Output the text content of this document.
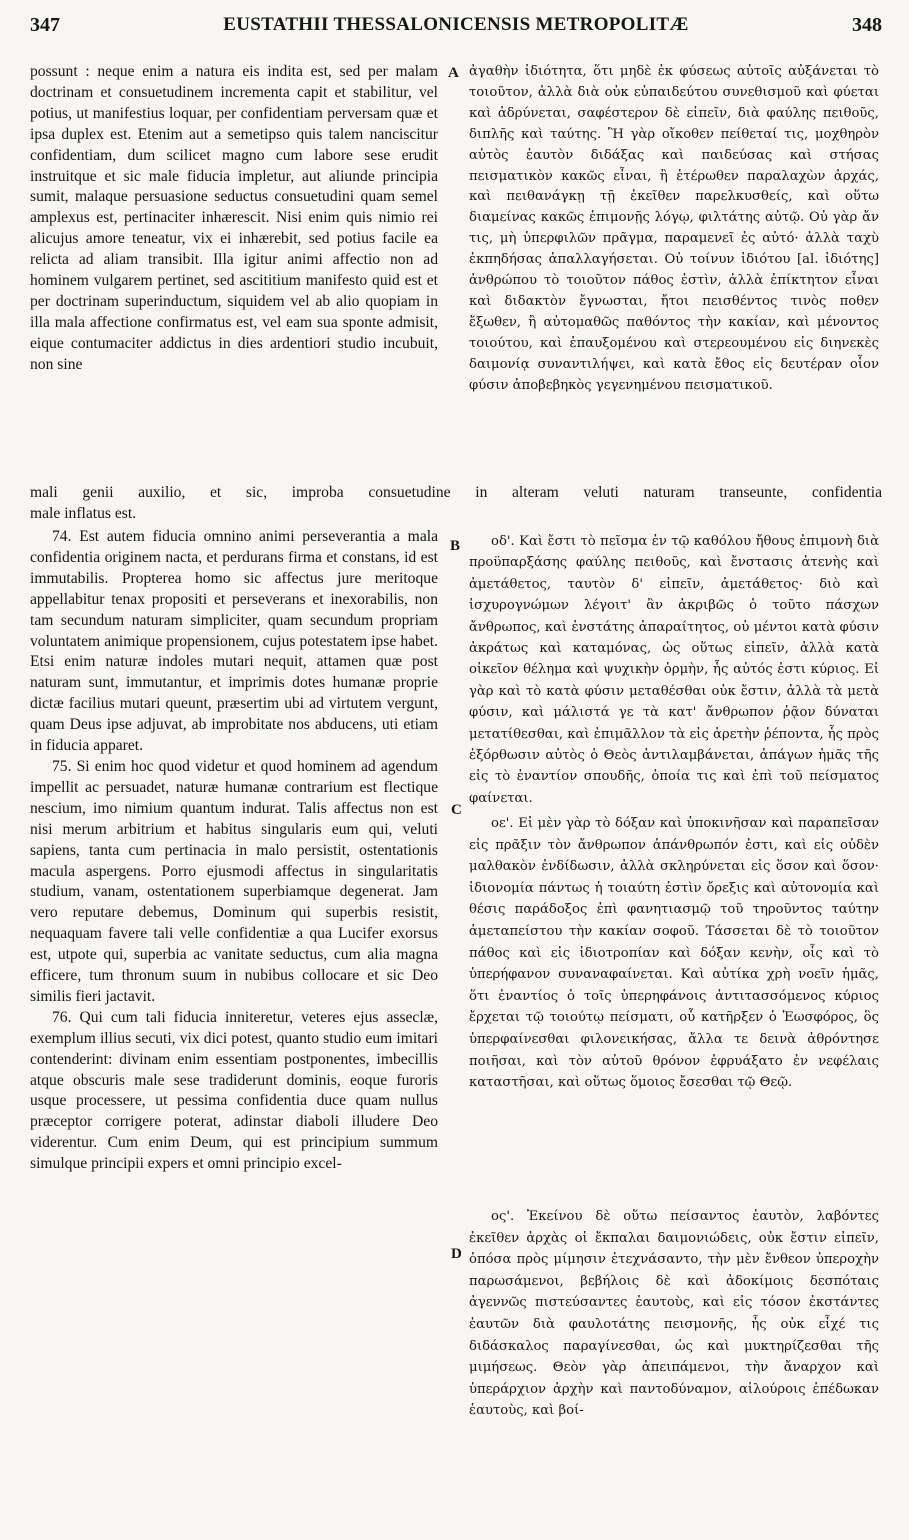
347	EUSTATHII THESSALONICENSIS METROPOLITÆ	348
A
B
C
D

possunt : neque enim a natura eis indita est, sed per malam doctrinam et consuetudinem incrementa capit et stabilitur, vel potius, ut manifestius loquar, per confidentiam perversam quæ et ipsa duplex est. Etenim aut a semetipso quis talem nanciscitur confidentiam, dum scilicet magno cum labore sese erudit instruitque et sic male fiducia impletur, aut aliunde principia sumit, malaque persuasione seductus consuetudini quam semel amplexus est, pertinaciter inhærescit. Nisi enim quis nimio rei alicujus amore teneatur, vix ei inhærebit, sed potius facile ea relicta ad aliam transibit. Illa igitur animi affectio non ad hominem vulgarem pertinet, sed ascititium manifesto quid est et per doctrinam superinductum, siquidem vel ab alio quopiam in illa mala affectione confirmatus est, vel eam sua sponte admisit, eique contumaciter addictus in dies ardentiori studio incubuit, non sine

ἀγαθὴν ἰδιότητα, ὅτι μηδὲ ἐκ φύσεως αὐτοῖς αὐξάνεται τὸ τοιοῦτον, ἀλλὰ διὰ οὐκ εὐπαιδεύτου συνεθισμοῦ καὶ φύεται καὶ ἀδρύνεται, σαφέστερον δὲ εἰπεῖν, διὰ φαύλης πειθοῦς, διπλῆς καὶ ταύτης. Ἢ γὰρ οἴκοθεν πείθεταί τις, μοχθηρὸν αὐτὸς ἑαυτὸν διδάξας καὶ παιδεύσας καὶ στήσας πεισματικὸν κακῶς εἶναι, ἢ ἑτέρωθεν παραλαχὼν ἀρχάς, καὶ πειθανάγκῃ τῇ ἐκεῖθεν παρελκυσθείς, καὶ οὕτω διαμείνας κακῶς ἐπιμονῇς λόγῳ, φιλτάτης αὐτῷ. Οὐ γὰρ ἄν τις, μὴ ὑπερφιλῶν πρᾶγμα, παραμενεῖ ἐς αὐτό· ἀλλὰ ταχὺ ἐκπηδήσας ἀπαλλαγήσεται. Οὐ τοίνυν ἰδιότου [al. ἰδιότης] ἀνθρώπου τὸ τοιοῦτον πάθος ἐστὶν, ἀλλὰ ἐπίκτητον εἶναι καὶ διδακτὸν ἔγνωσται, ἤτοι πεισθέντος τινὸς ποθεν ἔξωθεν, ἢ αὐτομαθῶς παθόντος τὴν κακίαν, καὶ μένοντος τοιούτου, καὶ ἐπαυξομένου καὶ στερεουμένου εἰς διηνεκὲς δαιμονίᾳ συναντιλήψει, καὶ κατὰ ἔθος εἰς δευτέραν οἷον φύσιν ἀποβεβηκὸς γεγενημένου πεισματικοῦ.

mali genii auxilio, et sic, improba consuetudine in alteram veluti naturam transeunte, confidentia
male inflatus est.

74. Est autem fiducia omnino animi perseverantia a mala confidentia originem nacta, et perdurans firma et constans, id est immutabilis. Propterea homo sic affectus jure meritoque appellabitur tenax propositi et perseverans et inexorabilis, non tam secundum naturam simpliciter, quam secundum propriam voluntatem animique propensionem, cujus potestatem ipse habet. Etsi enim naturæ indoles mutari nequit, attamen quæ post naturam sunt, immutantur, et imprimis dotes humanæ proprie dictæ facilius mutari queunt, præsertim ubi ad virtutem vergunt, quam Deus ipse adjuvat, ab improbitate nos abducens, uti etiam in fiducia apparet.

75. Si enim hoc quod videtur et quod hominem ad agendum impellit ac persuadet, naturæ humanæ contrarium est flectique nescium, imo nimium quantum indurat. Talis affectus non est nisi merum arbitrium et habitus singularis eum qui, veluti sapiens, tanta cum pertinacia in malo persistit, ostentationis macula aspergens. Porro ejusmodi affectus in singularitatis studium, vanam, ostentationem superbiamque degenerat. Jam vero reputare debemus, Dominum qui superbis resistit, nequaquam favere tali velle confidentiæ a qua Lucifer exorsus est, utpote qui, superbia ac vanitate seductus, cum alia magna efficere, tum thronum suum in nubibus collocare et sic Deo similis fieri jactavit.

76. Qui cum tali fiducia inniteretur, veteres ejus asseclæ, exemplum illius secuti, vix dici potest, quanto studio eum imitari contenderint: divinam enim essentiam postponentes, imbecillis atque obscuris male sese tradiderunt dominis, eoque furoris usque processere, ut pessima confidentia duce quam nullus præceptor corrigere poterat, adinstar diaboli illudere Deo viderentur. Cum enim Deum, qui est principium summum simulque principii expers et omni principio excel-

οδ'. Καὶ ἔστι τὸ πεῖσμα ἐν τῷ καθόλου ἤθους ἐπιμονὴ διὰ προϋπαρξάσης φαύλης πειθοῦς, καὶ ἔνστασις ἀτενὴς καὶ ἀμετάθετος, ταυτὸν δ' εἰπεῖν, ἀμετάθετος· διὸ καὶ ἰσχυρογνώμων λέγοιτ' ἂν ἀκριβῶς ὁ τοῦτο πάσχων ἄνθρωπος, καὶ ἐνστάτης ἀπαραίτητος, οὐ μέντοι κατὰ φύσιν ἀκράτως καὶ καταμόνας, ὡς οὕτως εἰπεῖν, ἀλλὰ κατὰ οἰκεῖον θέλημα καὶ ψυχικὴν ὁρμὴν, ἧς αὐτός ἐστι κύριος. Εἰ γὰρ καὶ τὸ κατὰ φύσιν μεταθέσθαι οὐκ ἔστιν, ἀλλὰ τὰ μετὰ φύσιν, καὶ μάλιστά γε τὰ κατ' ἄνθρωπον ῥᾷον δύναται μετατίθεσθαι, καὶ ἐπιμᾶλλον τὰ εἰς ἀρετὴν ῥέποντα, ἧς πρὸς ἐξόρθωσιν αὐτὸς ὁ Θεὸς ἀντιλαμβάνεται, ἀπάγων ἡμᾶς τῆς εἰς τὸ ἐναντίον σπουδῆς, ὁποία τις καὶ ἐπὶ τοῦ πείσματος φαίνεται.

οε'. Εἰ μὲν γὰρ τὸ δόξαν καὶ ὑποκινῆσαν καὶ παραπεῖσαν εἰς πρᾶξιν τὸν ἄνθρωπον ἀπάνθρωπόν ἐστι, καὶ εἰς οὐδὲν μαλθακὸν ἐνδίδωσιν, ἀλλὰ σκληρύνεται εἰς ὅσον καὶ ὅσον· ἰδιονομία πάντως ἡ τοιαύτη ἐστὶν ὄρεξις καὶ αὐτονομία καὶ θέσις παράδοξος ἐπὶ φανητιασμῷ τοῦ τηροῦντος ταύτην ἀμεταπείστου τὴν κακίαν σοφοῦ. Τάσσεται δὲ τὸ τοιοῦτον πάθος καὶ εἰς ἰδιοτροπίαν καὶ δόξαν κενὴν, οἷς καὶ τὸ ὑπερήφανον συναναφαίνεται. Καὶ αὐτίκα χρὴ νοεῖν ἡμᾶς, ὅτι ἐναντίος ὁ τοῖς ὑπερηφάνοις ἀντιτασσόμενος κύριος ἔρχεται τῷ τοιούτῳ πείσματι, οὗ κατῆρξεν ὁ Ἑωσφόρος, ὃς ὑπερφαίνεσθαι φιλονεικήσας, ἄλλα τε δεινὰ ἀθρόντησε ποιῆσαι, καὶ τὸν αὐτοῦ θρόνον ἐφρυάξατο ἐν νεφέλαις καταστῆσαι, καὶ οὕτως ὅμοιος ἔσεσθαι τῷ Θεῷ.

ος'. Ἐκείνου δὲ οὕτω πείσαντος ἑαυτὸν, λαβόντες ἐκεῖθεν ἀρχὰς οἱ ἔκπαλαι δαιμονιώδεις, οὐκ ἔστιν εἰπεῖν, ὁπόσα πρὸς μίμησιν ἐτεχνάσαντο, τὴν μὲν ἔνθεον ὑπεροχὴν παρωσάμενοι, βεβήλοις δὲ καὶ ἀδοκίμοις δεσπόταις ἀγεννῶς πιστεύσαντες ἑαυτοὺς, καὶ εἰς τόσον ἐκστάντες ἑαυτῶν διὰ φαυλοτάτης πεισμονῆς, ἧς οὐκ εἶχέ τις διδάσκαλος παραγίνεσθαι, ὡς καὶ μυκτηρίζεσθαι τῆς μιμήσεως. Θεὸν γὰρ ἀπειπάμενοι, τὴν ἄναρχον καὶ ὑπεράρχιον ἀρχὴν καὶ παντοδύναμον, αἰλούροις ἐπέδωκαν ἑαυτοὺς, καὶ βοί-
